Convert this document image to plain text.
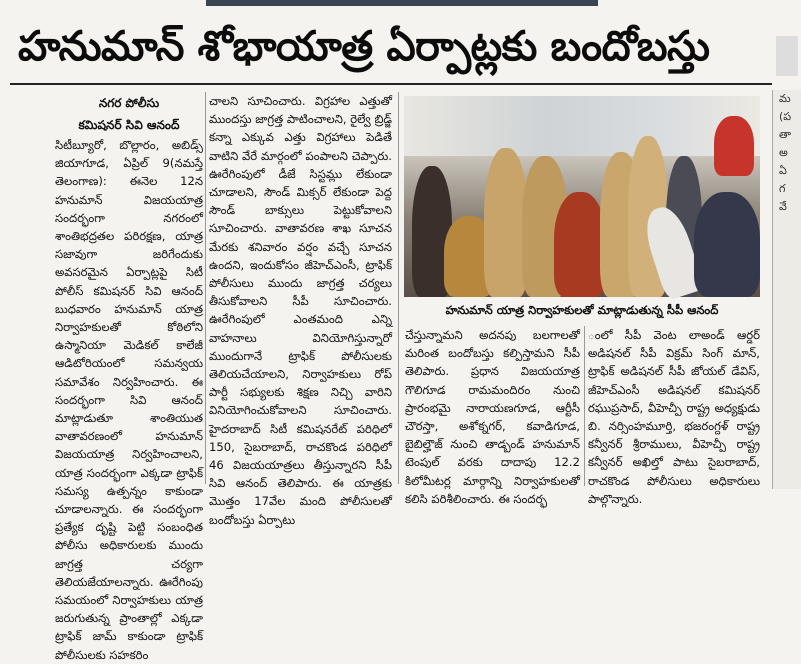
హనుమాన్ శోభాయాత్ర ఏర్పాట్లకు బందోబస్తు
నగర పోలీసు
కమిషనర్ సివి ఆనంద్

సిటీబ్యూరో, బొల్లారం, అబిడ్స్ జియాగూడ, ఏప్రిల్ 9(నమస్తే తెలంగాణ): ఈనెల 12న హనుమాన్ విజయయాత్ర సందర్భంగా నగరంలో శాంతిభద్రతల పరిరక్షణ, యాత్ర సజావుగా జరిగేందుకు అవసరమైన ఏర్పాట్లపై సిటీ పోలీస్ కమిషనర్ సివి ఆనంద్ బుధవారం హనుమాన్ యాత్ర నిర్వాహకులతో కోఠిలోని ఉస్మానియా మెడికల్ కాలేజీ ఆడిటోరియంలో సమన్వయ సమావేశం నిర్వహించారు. ఈ సందర్భంగా సివి ఆనంద్ మాట్లాడుతూ శాంతియుత వాతావరణంలో హనుమాన్ విజయయాత్ర నిర్వహించాలని, యాత్ర సందర్భంగా ఎక్కడా ట్రాఫిక్ సమస్య ఉత్పన్నం కాకుండా చూడాలన్నారు. ఈ సందర్భంగా ప్రత్యేక దృష్టి పెట్టి సంబంధిత పోలీసు అధికారులకు ముందు జాగ్రత్త చర్యగా తెలియజేయాలన్నారు. ఊరేగింపు సమయంలో నిర్వాహకులు యాత్ర జరుగుతున్న ప్రాంతాల్లో ఎక్కడా ట్రాఫిక్ జామ్ కాకుండా ట్రాఫిక్ పోలీసులకు సహకరిం

చాలని సూచించారు. విగ్రహాల ఎత్తుతో ముందస్తు జాగ్రత్త పాటించాలని, రైల్వే బ్రిడ్జ్ కన్నా ఎక్కువ ఎత్తు విగ్రహాలు పెడితే వాటిని వేరే మార్గంలో పంపాలని చెప్పారు. ఊరేగింపులో డీజే సిస్టమ్లు లేకుండా చూడాలని, సౌండ్ మిక్సర్ లేకుండా పెద్ద సౌండ్ బాక్సులు పెట్టుకోవాలని సూచించారు. వాతావరణ శాఖ సూచన మేరకు శనివారం వర్షం వచ్చే సూచన ఉందని, ఇందుకోసం జీహెచ్ఎంసీ, ట్రాఫిక్ పోలీసులు ముందు జాగ్రత్త చర్యలు తీసుకోవాలని సీపీ సూచించారు. ఊరేగింపులో ఎంతమంది ఎన్ని వాహనాలు వినియోగిస్తున్నారో ముందుగానే ట్రాఫిక్ పోలీసులకు తెలియచేయాలని, నిర్వాహకులు రోప్ పార్టీ సభ్యులకు శిక్షణ నిచ్చి వారిని వినియోగించుకోవాలని సూచించారు. హైదరాబాద్ సిటీ కమిషనరేట్ పరిధిలో 150, సైబరాబాద్, రాచకొండ పరిధిలో 46 విజయయాత్రలు తీస్తున్నారని సీపీ సివి ఆనంద్ తెలిపారు. ఈ యాత్రకు మొత్తం 17వేల మంది పోలీసులతో బందోబస్తు ఏర్పాటు

హనుమాన్ యాత్ర నిర్వాహకులతో మాట్లాడుతున్న సీపీ ఆనంద్

చేస్తున్నామని అదనపు బలగాలతో మరింత బందోబస్తు కల్పిస్తామని సీపీ తెలిపారు. ప్రధాన విజయయాత్ర గౌలిగూడ రామమందిరం నుంచి ప్రారంభమై నారాయణగూడ, ఆర్టీసీ చౌరస్తా, అశోక్నగర్, కవాడిగూడ, బైబిల్హౌజ్ నుంచి తాడ్బండ్ హనుమాన్ టెంపుల్ వరకు దాదాపు 12.2 కిలోమీటర్ల మార్గాన్ని నిర్వాహకులతో కలిసి పరిశీలించారు. ఈ సందర్భ

ంలో సీపీ వెంట లాఅండ్ ఆర్డర్ అడిషనల్ సీపీ విక్రమ్ సింగ్ మాన్, ట్రాఫిక్ అడిషనల్ సీపీ జోయల్ డేవిస్, జీహెచ్ఎంసీ అడిషనల్ కమిషనర్ రఘుప్రసాద్, వీహెచ్పీ రాష్ట్ర అధ్యక్షుడు బి. నర్సింహమూర్తి, భజరంగ్దళ్ రాష్ట్ర కన్వీనర్ శ్రీరాములు, వీహెచ్పీ రాష్ట్ర కన్వీనర్ అఖిల్తో పాటు సైబరాబాద్, రాచకొండ పోలీసులు అధికారులు పాల్గొన్నారు.

మ
(ప
తా
అ
ఏ
గ
వే
